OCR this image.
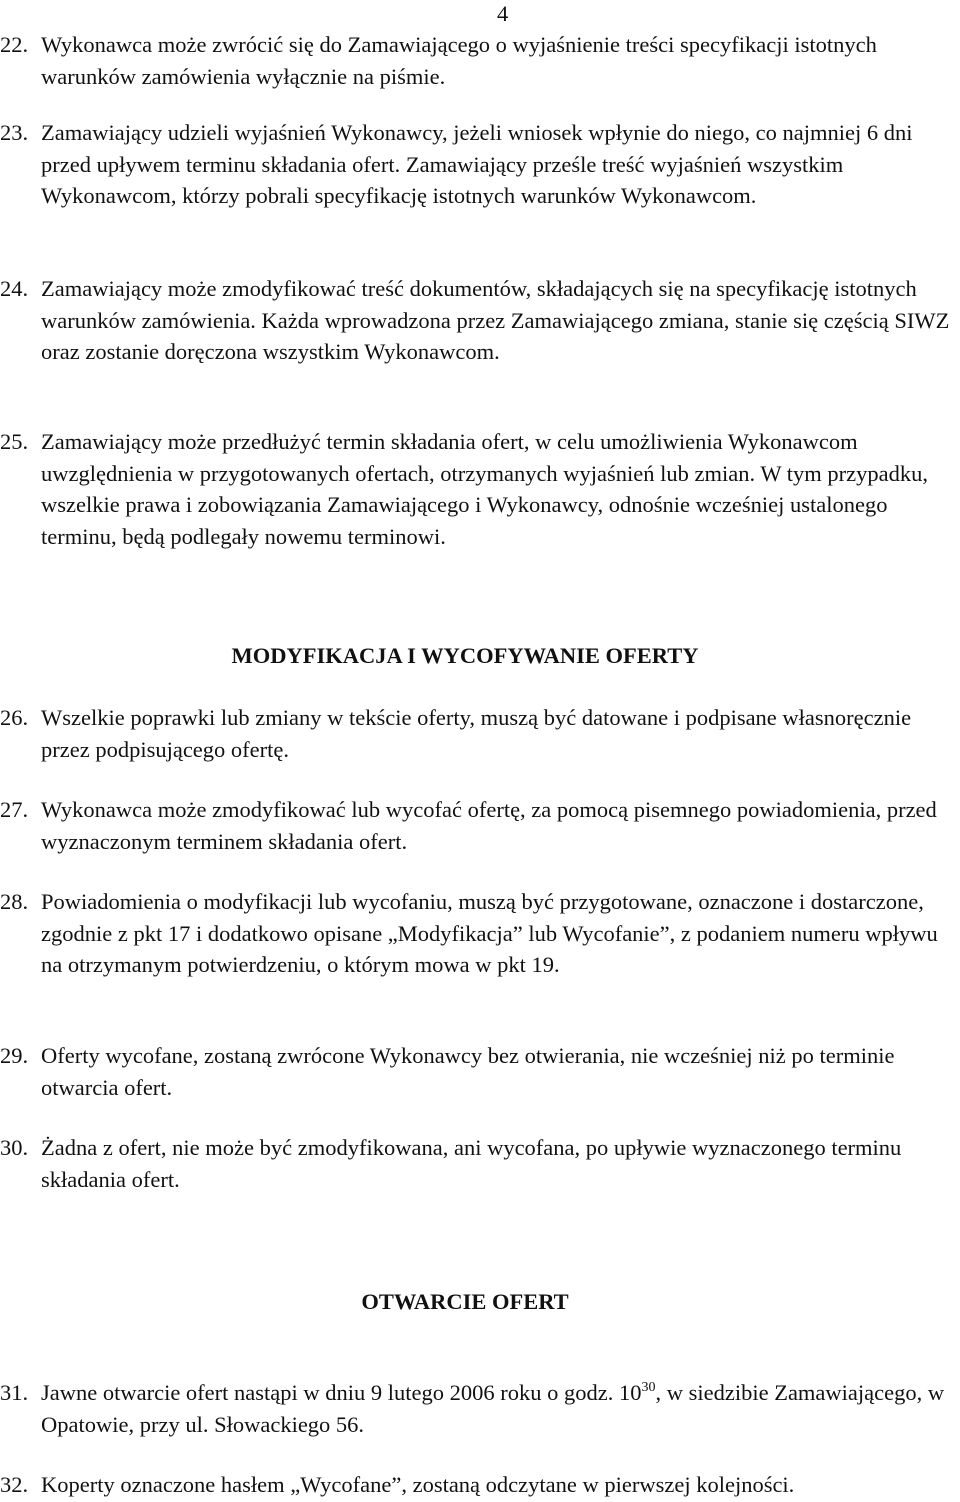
4
22. Wykonawca może zwrócić się do Zamawiającego o wyjaśnienie treści specyfikacji istotnych warunków zamówienia wyłącznie na piśmie.
23. Zamawiający udzieli wyjaśnień Wykonawcy, jeżeli wniosek wpłynie do niego, co najmniej 6 dni przed upływem terminu składania ofert. Zamawiający prześle treść wyjaśnień wszystkim Wykonawcom, którzy pobrali specyfikację istotnych warunków Wykonawcom.
24. Zamawiający może zmodyfikować treść dokumentów, składających się na specyfikację istotnych warunków zamówienia. Każda wprowadzona przez Zamawiającego zmiana, stanie się częścią SIWZ oraz zostanie doręczona wszystkim Wykonawcom.
25. Zamawiający może przedłużyć termin składania ofert, w celu umożliwienia Wykonawcom uwzględnienia w przygotowanych ofertach, otrzymanych wyjaśnień lub zmian. W tym przypadku, wszelkie prawa i zobowiązania Zamawiającego i Wykonawcy, odnośnie wcześniej ustalonego terminu, będą podlegały nowemu terminowi.
MODYFIKACJA I WYCOFYWANIE OFERTY
26. Wszelkie poprawki lub zmiany w tekście oferty, muszą być datowane i podpisane własnoręcznie przez podpisującego ofertę.
27. Wykonawca może zmodyfikować lub wycofać ofertę, za pomocą pisemnego powiadomienia, przed wyznaczonym terminem składania ofert.
28. Powiadomienia o modyfikacji lub wycofaniu, muszą być przygotowane, oznaczone i dostarczone, zgodnie z pkt 17 i dodatkowo opisane „Modyfikacja” lub Wycofanie”, z podaniem numeru wpływu na otrzymanym potwierdzeniu, o którym mowa w pkt 19.
29. Oferty wycofane, zostaną zwrócone Wykonawcy bez otwierania, nie wcześniej niż po terminie otwarcia ofert.
30. Żadna z ofert, nie może być zmodyfikowana, ani wycofana, po upływie wyznaczonego terminu składania ofert.
OTWARCIE OFERT
31. Jawne otwarcie ofert nastąpi w dniu 9 lutego 2006 roku o godz. $10^{30}$, w siedzibie Zamawiającego, w Opatowie, przy ul. Słowackiego 56.
32. Koperty oznaczone hasłem „Wycofane”, zostaną odczytane w pierwszej kolejności.
